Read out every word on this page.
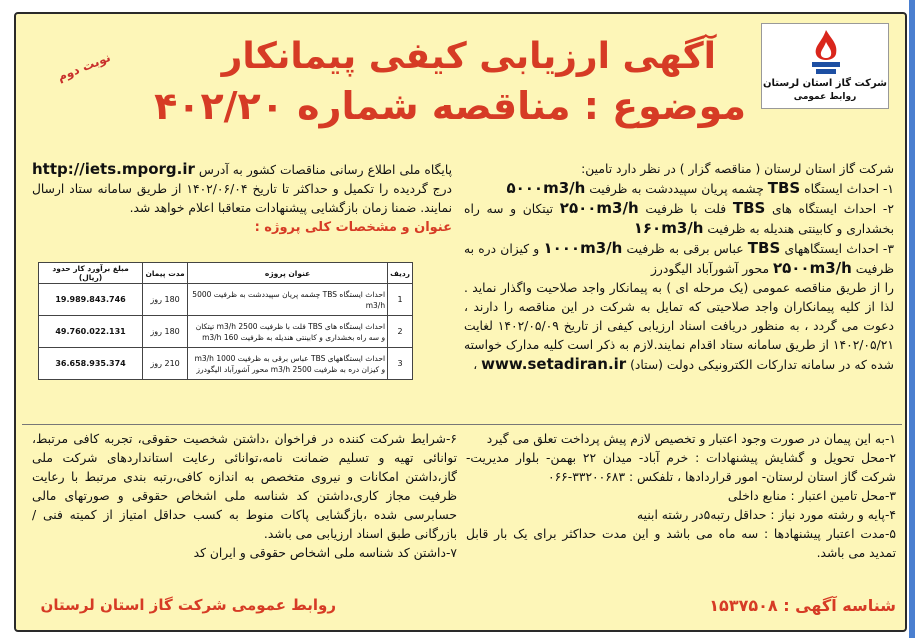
شرکت گاز استان لرستان
روابط عمومی
نوبت دوم	آگهی ارزیابی کیفی پیمانکار
موضوع : مناقصه شماره ۴۰۲/۲۰
شرکت گاز استان لرستان ( مناقصه گزار ) در نظر دارد تامین:
۱- احداث ایستگاه TBS چشمه پریان سپیددشت به ظرفیت ۵۰۰۰m3/h
۲- احداث ایستگاه های TBS فلت با ظرفیت ۲۵۰۰m3/h تیتکان و سه راه بخشداری و کابینتی هندیله به ظرفیت ۱۶۰m3/h
۳- احداث ایستگاههای TBS عباس برقی به ظرفیت ۱۰۰۰m3/h و کیزان دره به ظرفیت ۲۵۰۰m3/h محور آشورآباد الیگودرز
را از طریق مناقصه عمومی (یک مرحله ای ) به پیمانکار واجد صلاحیت واگذار نماید . لذا از کلیه پیمانکاران واجد صلاحیتی که تمایل به شرکت در این مناقصه را دارند ، دعوت می گردد ، به منظور دریافت اسناد ارزیابی کیفی از تاریخ ۱۴۰۲/۰۵/۰۹ لغایت ۱۴۰۲/۰۵/۲۱ از طریق سامانه ستاد اقدام نمایند.لازم به ذکر است کلیه مدارک خواسته شده که در سامانه تدارکات الکترونیکی دولت (ستاد) www.setadiran.ir ،
پایگاه ملی اطلاع رسانی مناقصات کشور به آدرس http://iets.mporg.ir درج گردیده را تکمیل و حداکثر تا تاریخ ۱۴۰۲/۰۶/۰۴ از طریق سامانه ستاد ارسال نمایند. ضمنا زمان بازگشایی پیشنهادات متعاقبا اعلام خواهد شد.
عنوان و مشخصات کلی پروژه :
ردیف	عنوان پروژه	مدت پیمان	مبلغ برآورد کار حدود (ریال)
1	احداث ایستگاه TBS چشمه پریان سپیددشت به ظرفیت 5000 m3/h	180 روز	19.989.843.746
2	احداث ایستگاه های TBS فلت با ظرفیت 2500 m3/h تیتکان و سه راه بخشداری و کابینتی هندیله به ظرفیت 160 m3/h	180 روز	49.760.022.131
3	احداث ایستگاههای TBS عباس برقی به ظرفیت 1000 m3/h و کیزان دره به ظرفیت 2500 m3/h محور آشورآباد الیگودرز	210 روز	36.658.935.374
۱-به این پیمان در صورت وجود اعتبار و تخصیص لازم پیش پرداخت تعلق می گیرد
۲-محل تحویل و گشایش پیشنهادات : خرم آباد- میدان ۲۲ بهمن- بلوار مدیریت- شرکت گاز استان لرستان- امور قراردادها ، تلفکس : ۳۳۲۰۰۶۸۳-۰۶۶
۳-محل تامین اعتبار : منابع داخلی
۴-پایه و رشته مورد نیاز : حداقل رتبه۵در رشته ابنیه
۵-مدت اعتبار پیشنهادها : سه ماه می باشد و این مدت حداکثر برای یک بار قابل تمدید می باشد.
۶-شرایط شرکت کننده در فراخوان ،داشتن شخصیت حقوقی، تجربه کافی مرتبط، توانائی تهیه و تسلیم ضمانت نامه،توانائی رعایت استانداردهای شرکت ملی گاز،داشتن امکانات و نیروی متخصص به اندازه کافی،رتبه بندی مرتبط با رعایت ظرفیت مجاز کاری،داشتن کد شناسه ملی اشخاص حقوقی و صورتهای مالی حسابرسی شده ،بازگشایی پاکات منوط به کسب حداقل امتیاز از کمیته فنی / بازرگانی طبق اسناد ارزیابی می باشد.
۷-داشتن کد شناسه ملی اشخاص حقوقی و ایران کد
شناسه آگهی : ۱۵۳۷۵۰۸
روابط عمومی شرکت گاز استان لرستان
